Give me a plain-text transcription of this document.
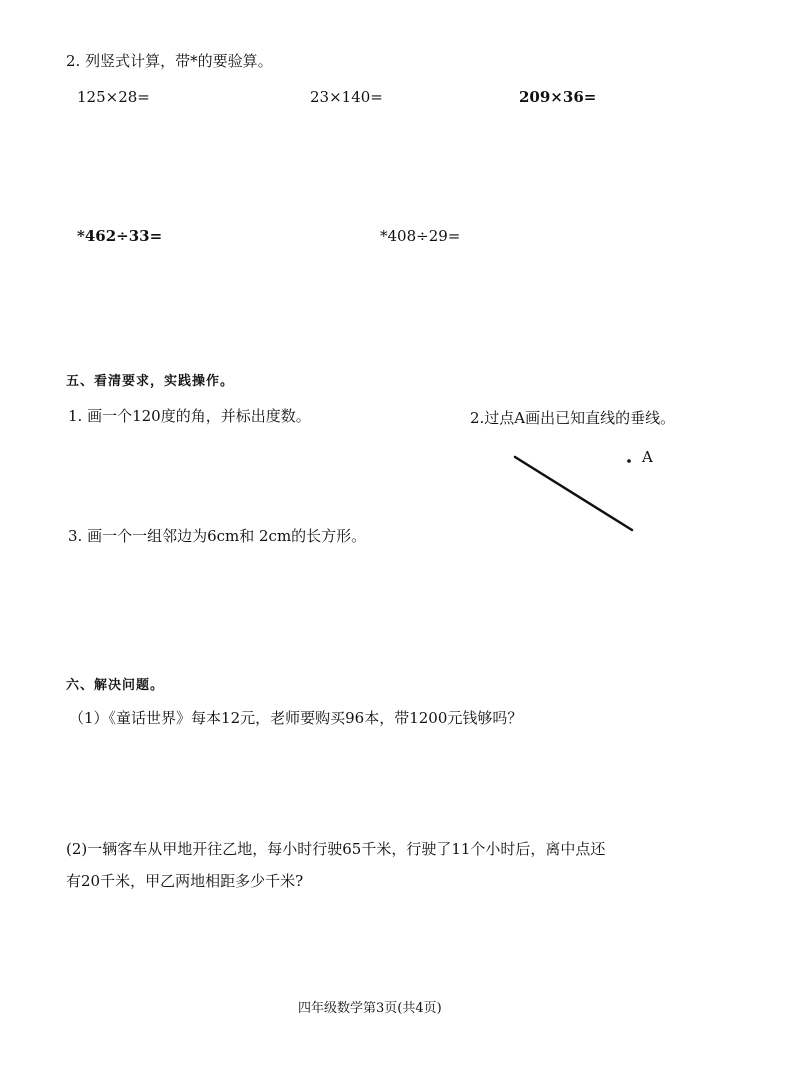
2. 列竖式计算，带*的要验算。
125×28=	23×140=	209×36=
*462÷33=	*408÷29=
五、看清要求，实践操作。
1. 画一个120度的角，并标出度数。	2.过点A画出已知直线的垂线。
A
3. 画一个一组邻边为6cm和 2cm的长方形。
六、解决问题。
（1）《童话世界》每本12元，老师要购买96本，带1200元钱够吗？
(2)一辆客车从甲地开往乙地，每小时行驶65千米，行驶了11个小时后，离中点还
有20千米，甲乙两地相距多少千米?
四年级数学第3页(共4页)
